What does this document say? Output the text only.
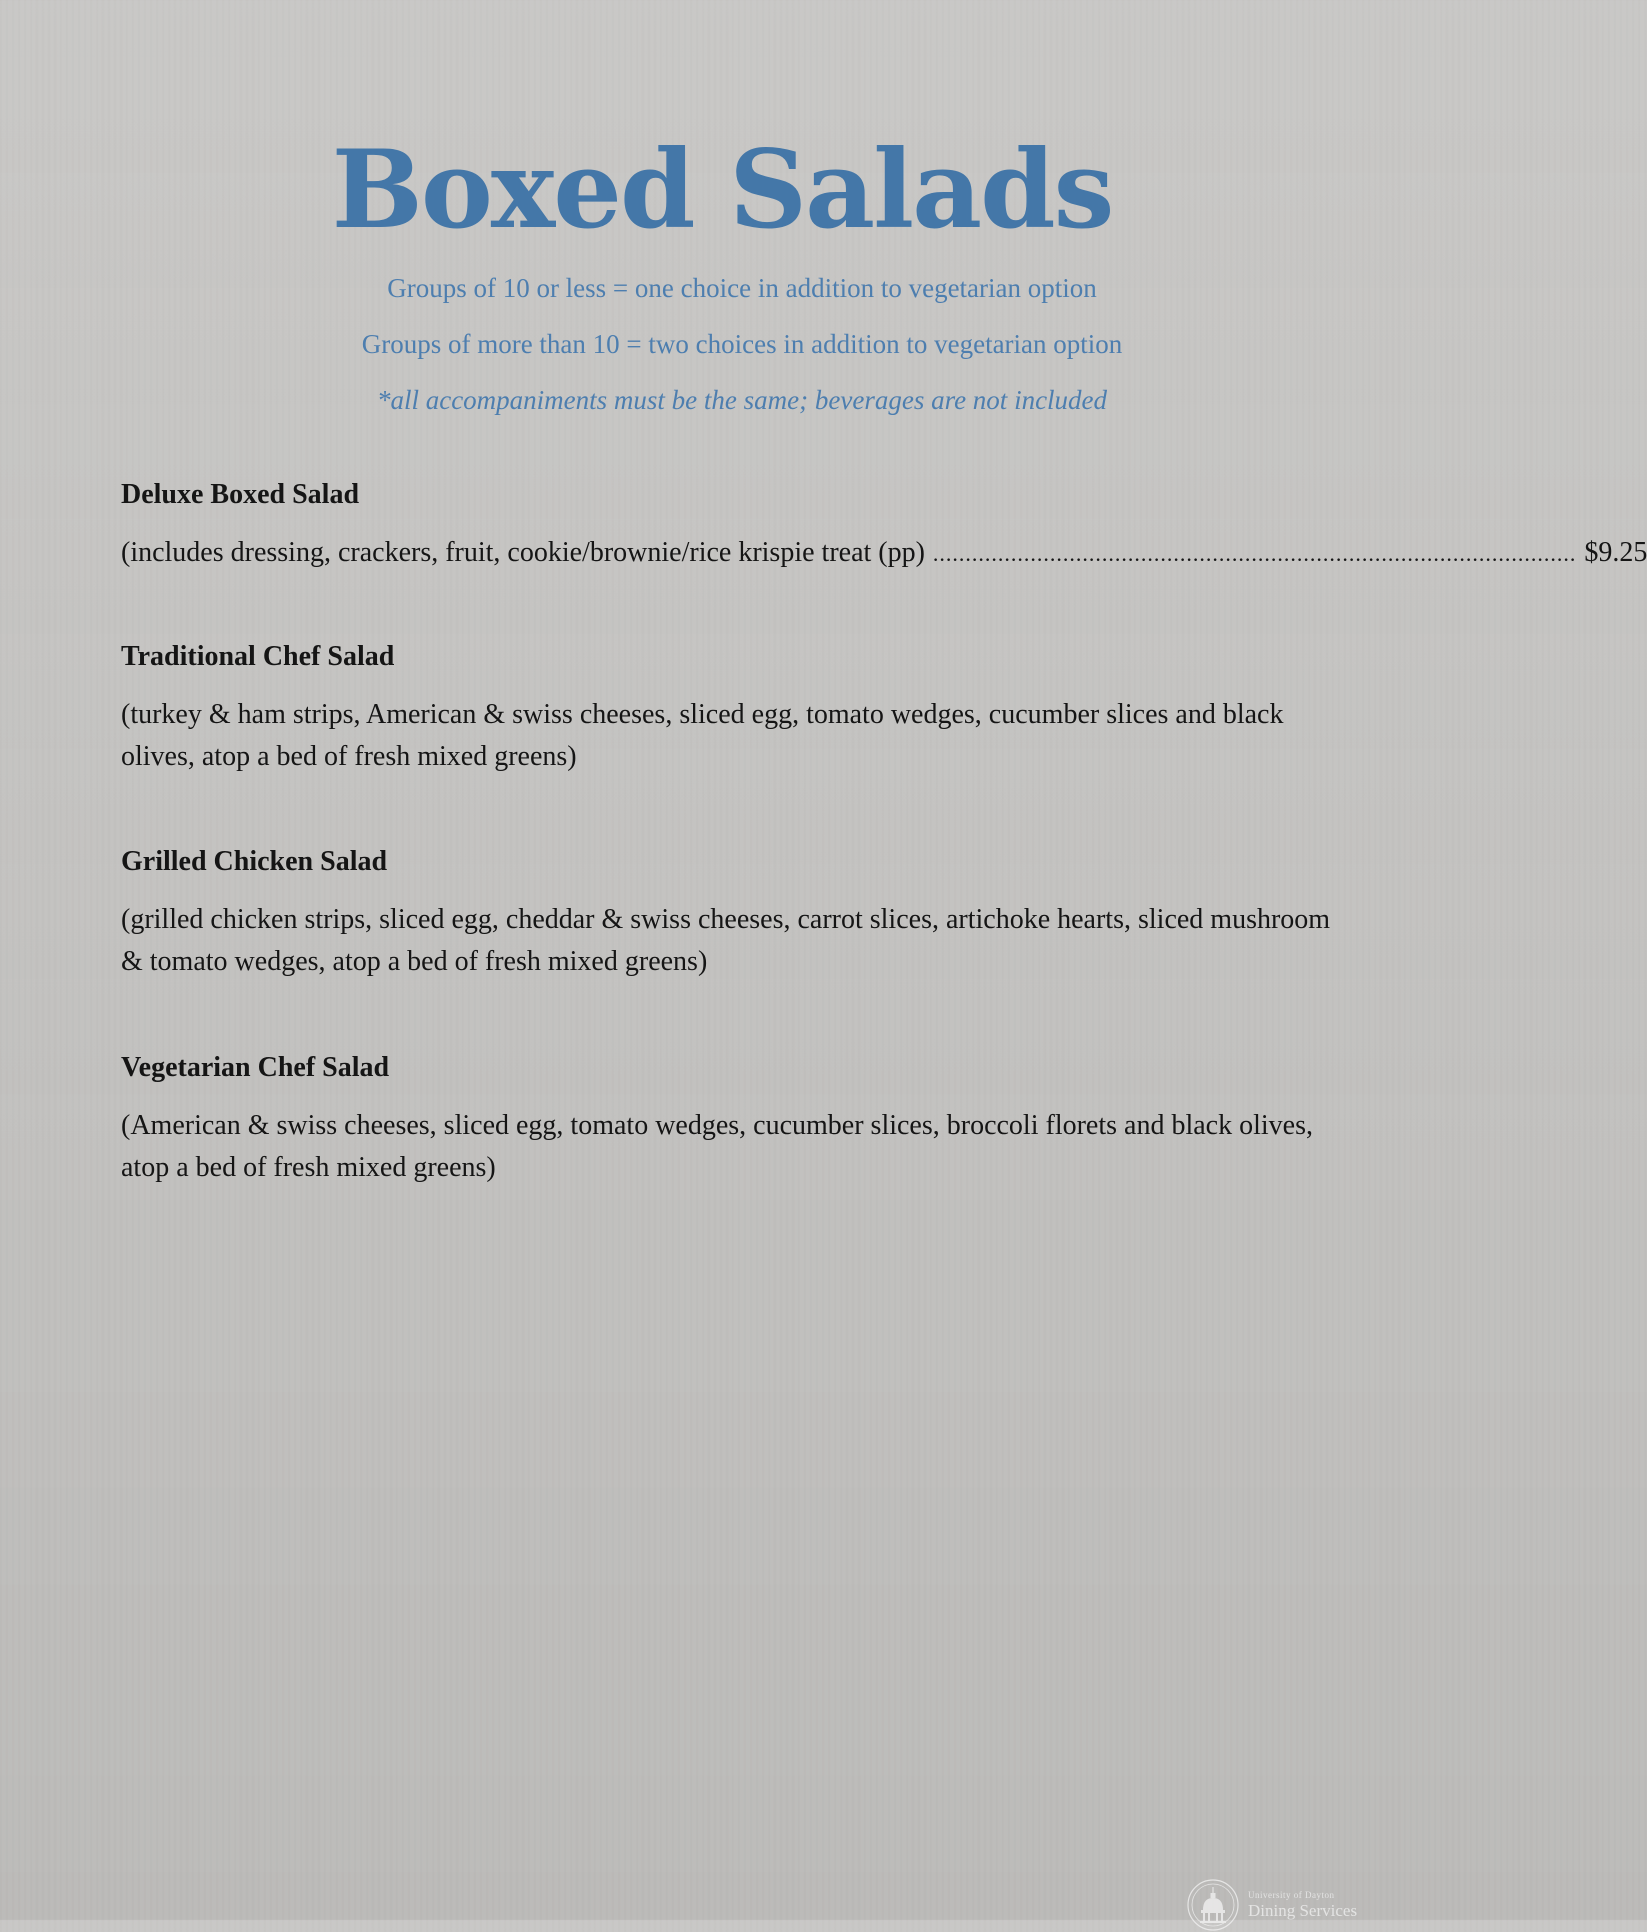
Boxed Salads

Groups of 10 or less = one choice in addition to vegetarian option

Groups of more than 10 = two choices in addition to vegetarian option

*all accompaniments must be the same; beverages are not included

Deluxe Boxed Salad

(includes dressing, crackers, fruit, cookie/brownie/rice krispie treat (pp) ................................................................................................... $9.25

Traditional Chef Salad

(turkey & ham strips, American & swiss cheeses, sliced egg, tomato wedges, cucumber slices and black olives, atop a bed of fresh mixed greens)

Grilled Chicken Salad

(grilled chicken strips, sliced egg, cheddar & swiss cheeses, carrot slices, artichoke hearts, sliced mushroom & tomato wedges, atop a bed of fresh mixed greens)

Vegetarian Chef Salad

(American & swiss cheeses, sliced egg, tomato wedges, cucumber slices, broccoli florets and black olives, atop a bed of fresh mixed greens)

University of Dayton
Dining Services
